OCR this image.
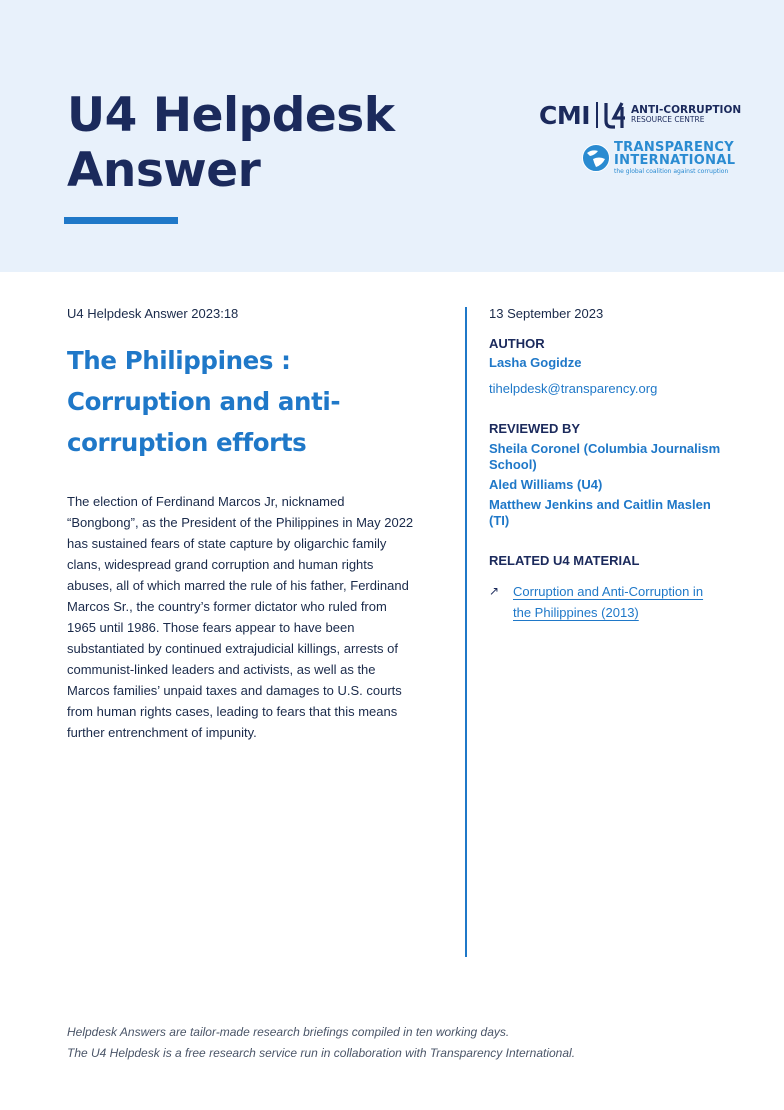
U4 Helpdesk
Answer
CMI	ANTI-CORRUPTION
RESOURCE CENTRE
TRANSPARENCY
INTERNATIONAL
the global coalition against corruption

U4 Helpdesk Answer 2023:18

The Philippines :
Corruption and anti-
corruption efforts
The election of Ferdinand Marcos Jr, nicknamed
“Bongbong”, as the President of the Philippines in May 2022
has sustained fears of state capture by oligarchic family
clans, widespread grand corruption and human rights
abuses, all of which marred the rule of his father, Ferdinand
Marcos Sr., the country’s former dictator who ruled from
1965 until 1986. Those fears appear to have been
substantiated by continued extrajudicial killings, arrests of
communist-linked leaders and activists, as well as the
Marcos families’ unpaid taxes and damages to U.S. courts
from human rights cases, leading to fears that this means
further entrenchment of impunity.
13 September 2023
AUTHOR
Lasha Gogidze
tihelpdesk@transparency.org
REVIEWED BY
Sheila Coronel (Columbia Journalism
School)
Aled Williams (U4)
Matthew Jenkins and Caitlin Maslen
(TI)
RELATED U4 MATERIAL
↗	Corruption and Anti-Corruption in
the Philippines (2013)
Helpdesk Answers are tailor-made research briefings compiled in ten working days.
The U4 Helpdesk is a free research service run in collaboration with Transparency International.
